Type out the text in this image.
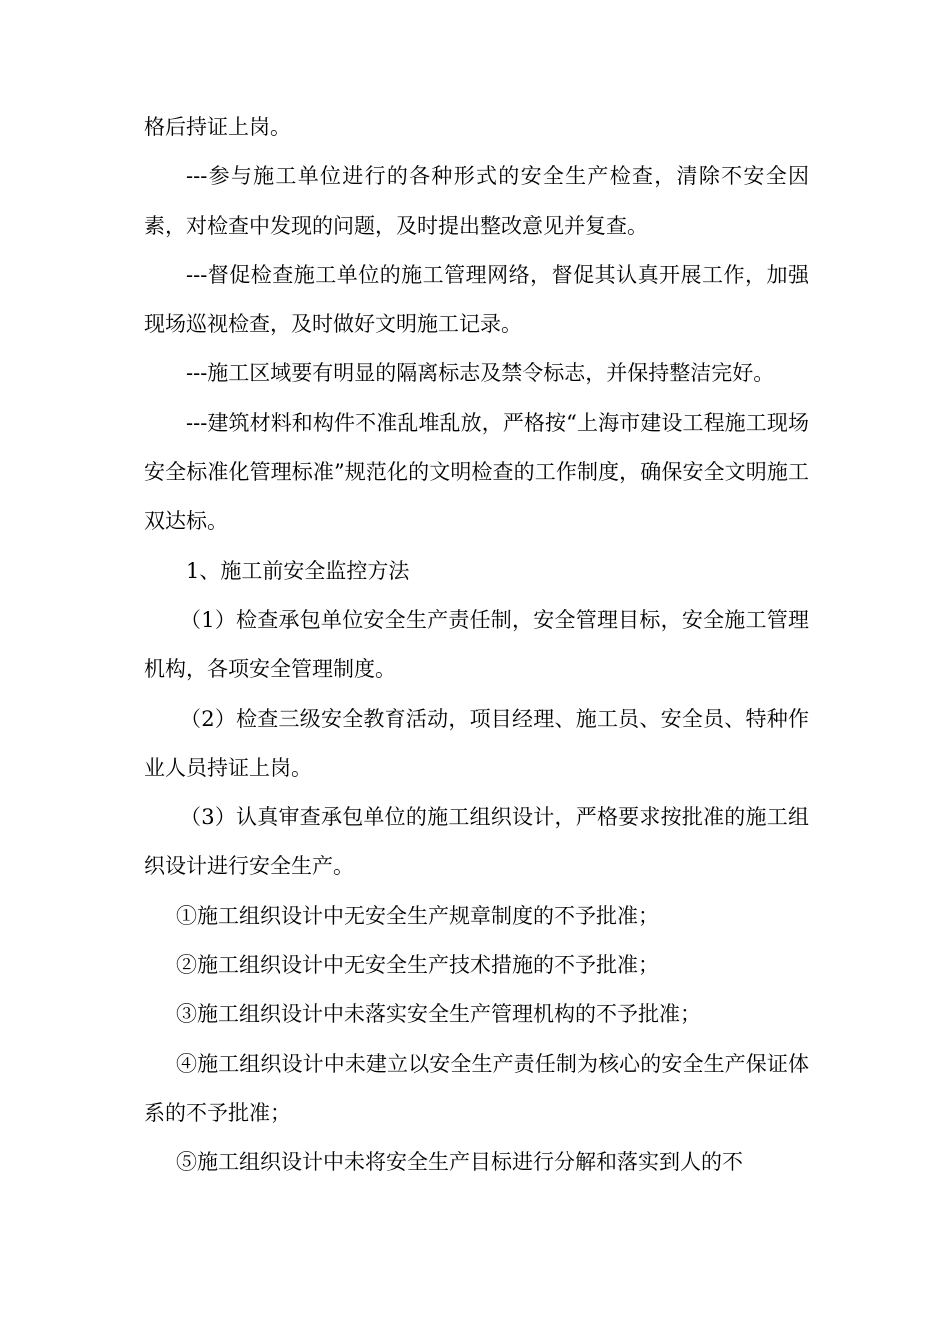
格后持证上岗。

---参与施工单位进行的各种形式的安全生产检查，清除不安全因素，对检查中发现的问题，及时提出整改意见并复查。

---督促检查施工单位的施工管理网络，督促其认真开展工作，加强现场巡视检查，及时做好文明施工记录。

---施工区域要有明显的隔离标志及禁令标志，并保持整洁完好。

---建筑材料和构件不准乱堆乱放，严格按“上海市建设工程施工现场安全标准化管理标准”规范化的文明检查的工作制度，确保安全文明施工双达标。

1、施工前安全监控方法

（1）检查承包单位安全生产责任制，安全管理目标，安全施工管理机构，各项安全管理制度。

（2）检查三级安全教育活动，项目经理、施工员、安全员、特种作业人员持证上岗。

（3）认真审查承包单位的施工组织设计，严格要求按批准的施工组织设计进行安全生产。

①施工组织设计中无安全生产规章制度的不予批准；

②施工组织设计中无安全生产技术措施的不予批准；

③施工组织设计中未落实安全生产管理机构的不予批准；

④施工组织设计中未建立以安全生产责任制为核心的安全生产保证体系的不予批准；

⑤施工组织设计中未将安全生产目标进行分解和落实到人的不
